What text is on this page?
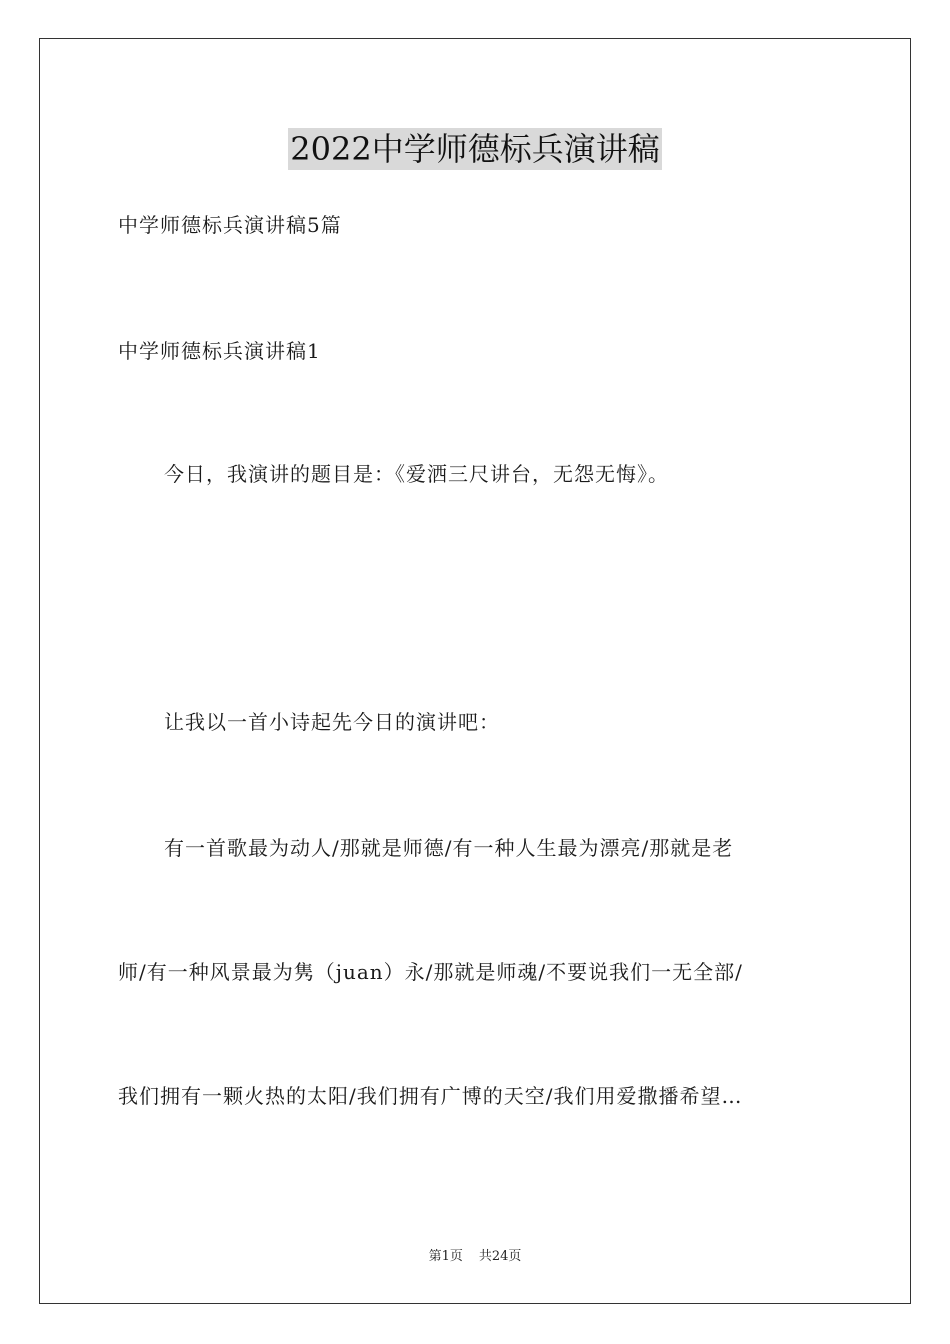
2022中学师德标兵演讲稿
中学师德标兵演讲稿5篇
中学师德标兵演讲稿1
今日，我演讲的题目是：《爱洒三尺讲台，无怨无悔》。
让我以一首小诗起先今日的演讲吧：
有一首歌最为动人/那就是师德/有一种人生最为漂亮/那就是老
师/有一种风景最为隽（juan）永/那就是师魂/不要说我们一无全部/
我们拥有一颗火热的太阳/我们拥有广博的天空/我们用爱撒播希望…
第1页 共24页
